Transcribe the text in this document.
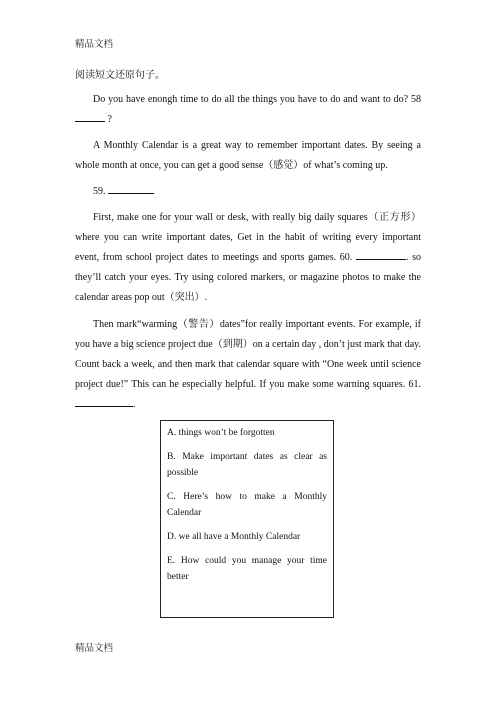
精品文档
阅读短文还原句子。

Do you have enongh time to do all the things you have to do and want to do? 58  ?

A Monthly Calendar is a great way to remember important dates. By seeing a whole month at once, you can get a good sense（感觉）of what’s coming up.

59.

First, make one for your wall or desk, with really big daily squares（正方形）where you can write important dates, Get in the habit of writing every important event, from school project dates to meetings and sports games. 60.	. so they’ll catch your eyes. Try using colored markers, or magazine photos to make the calendar areas pop out（突出）.

Then mark“warming（警告）dates”for really important events. For example, if you have a big science project due（到期）on a certain day , don’t just mark that day. Count back a week, and then mark that calendar square with “One week until science project due!” This can he especially helpful. If you make some warning squares. 61. .

A. things won’t be forgotten

B. Make important dates as clear as possible

C. Here’s how to make a Monthly Calendar

D. we all have a Monthly Calendar

E. How could you manage your time better

精品文档
